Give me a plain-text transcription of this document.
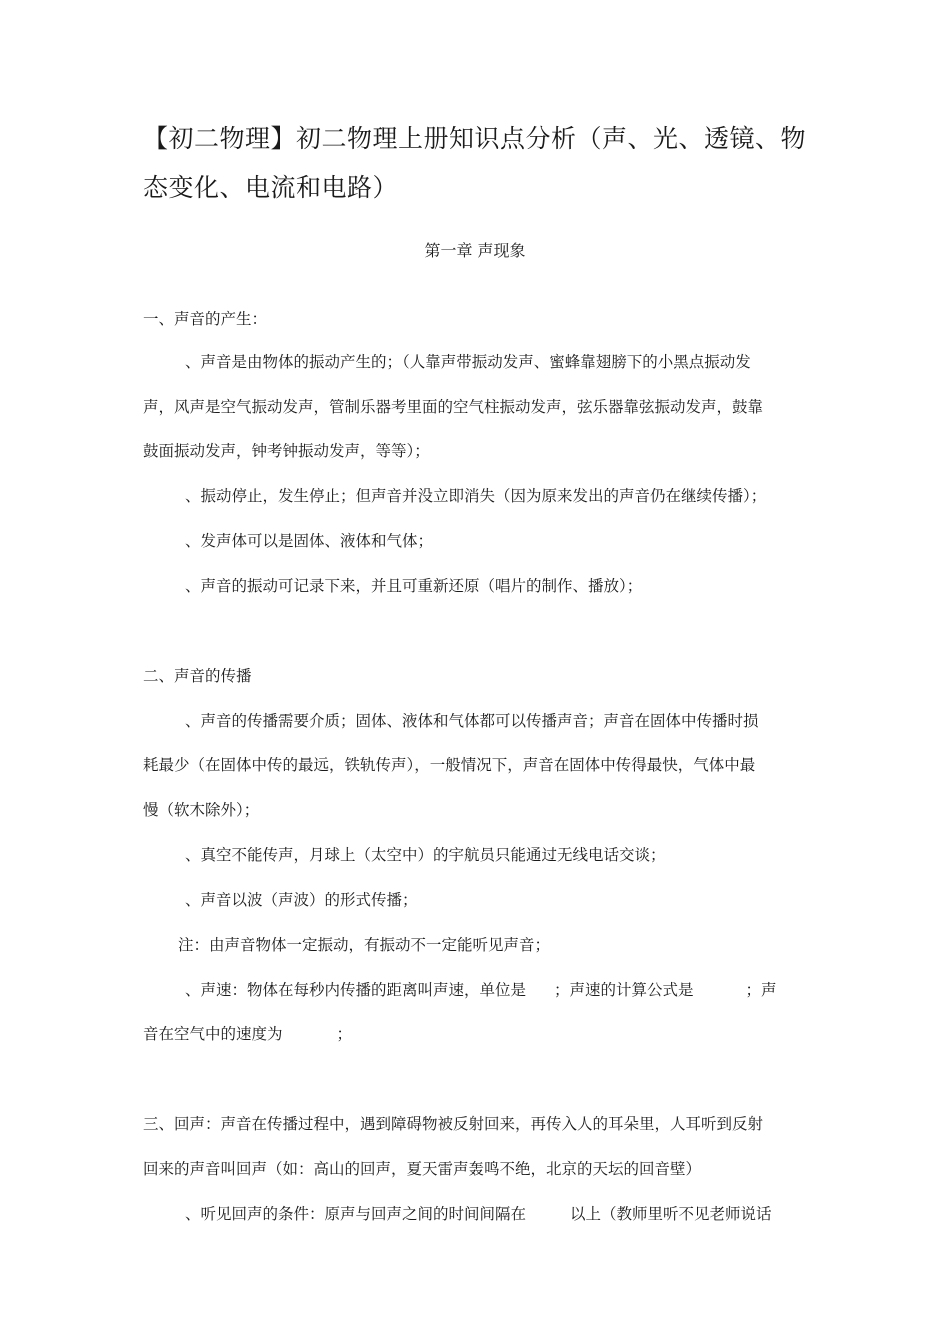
【初二物理】初二物理上册知识点分析（声、光、透镜、物态变化、电流和电路）
第一章 声现象

一、声音的产生：

、声音是由物体的振动产生的；（人靠声带振动发声、蜜蜂靠翅膀下的小黑点振动发

声，风声是空气振动发声，管制乐器考里面的空气柱振动发声，弦乐器靠弦振动发声，鼓靠

鼓面振动发声，钟考钟振动发声，等等）；

、振动停止，发生停止；但声音并没立即消失（因为原来发出的声音仍在继续传播）；

、发声体可以是固体、液体和气体；

、声音的振动可记录下来，并且可重新还原（唱片的制作、播放）；

二、声音的传播

、声音的传播需要介质；固体、液体和气体都可以传播声音；声音在固体中传播时损

耗最少（在固体中传的最远，铁轨传声），一般情况下，声音在固体中传得最快，气体中最

慢（软木除外）；

、真空不能传声，月球上（太空中）的宇航员只能通过无线电话交谈；

、声音以波（声波）的形式传播；

注：由声音物体一定振动，有振动不一定能听见声音；

、声速：物体在每秒内传播的距离叫声速，单位是 ；声速的计算公式是	；声

音在空气中的速度为	；

三、回声：声音在传播过程中，遇到障碍物被反射回来，再传入人的耳朵里，人耳听到反射

回来的声音叫回声（如：高山的回声，夏天雷声轰鸣不绝，北京的天坛的回音壁）

、听见回声的条件：原声与回声之间的时间间隔在	以上（教师里听不见老师说话
